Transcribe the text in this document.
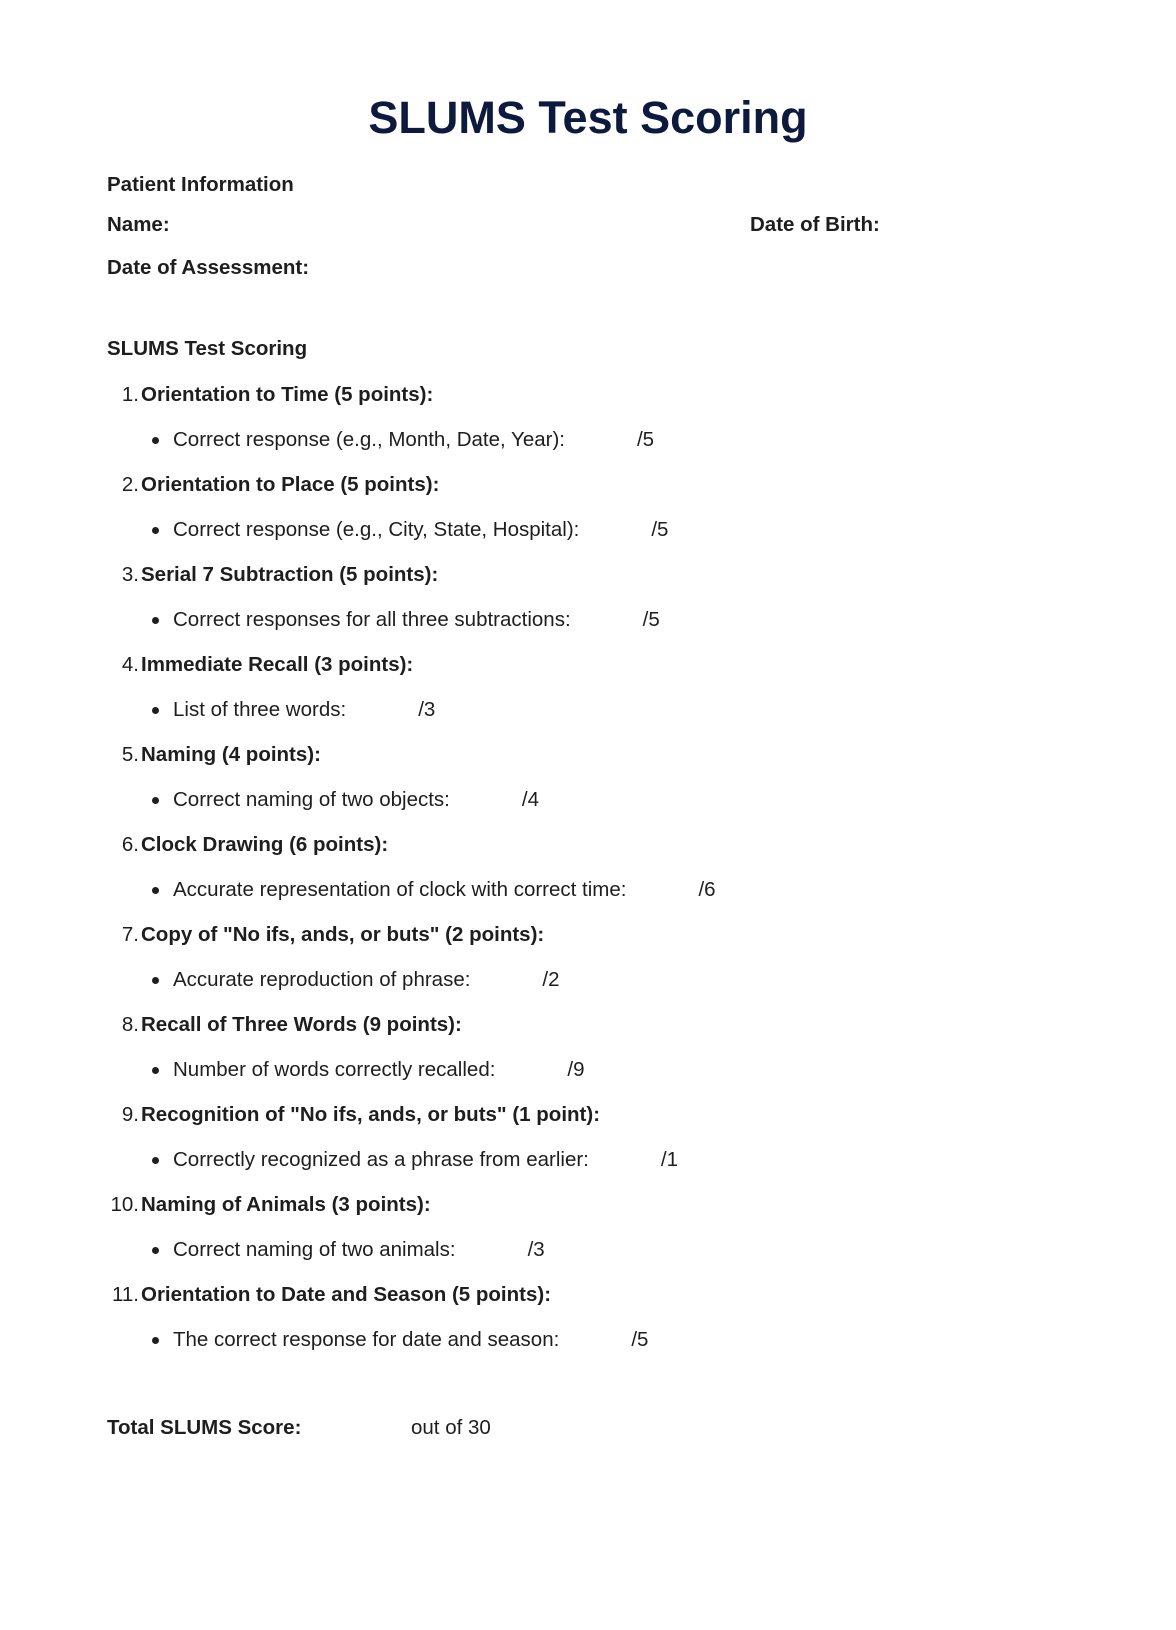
SLUMS Test Scoring
Patient Information
Name:	Date of Birth:
Date of Assessment:
SLUMS Test Scoring
1. Orientation to Time (5 points):
Correct response (e.g., Month, Date, Year):	/5
2. Orientation to Place (5 points):
Correct response (e.g., City, State, Hospital):	/5
3. Serial 7 Subtraction (5 points):
Correct responses for all three subtractions:	/5
4. Immediate Recall (3 points):
List of three words:	/3
5. Naming (4 points):
Correct naming of two objects:	/4
6. Clock Drawing (6 points):
Accurate representation of clock with correct time:	/6
7. Copy of "No ifs, ands, or buts" (2 points):
Accurate reproduction of phrase:	/2
8. Recall of Three Words (9 points):
Number of words correctly recalled:	/9
9. Recognition of "No ifs, ands, or buts" (1 point):
Correctly recognized as a phrase from earlier:	/1
10. Naming of Animals (3 points):
Correct naming of two animals:	/3
11. Orientation to Date and Season (5 points):
The correct response for date and season:	/5
Total SLUMS Score:	out of 30
